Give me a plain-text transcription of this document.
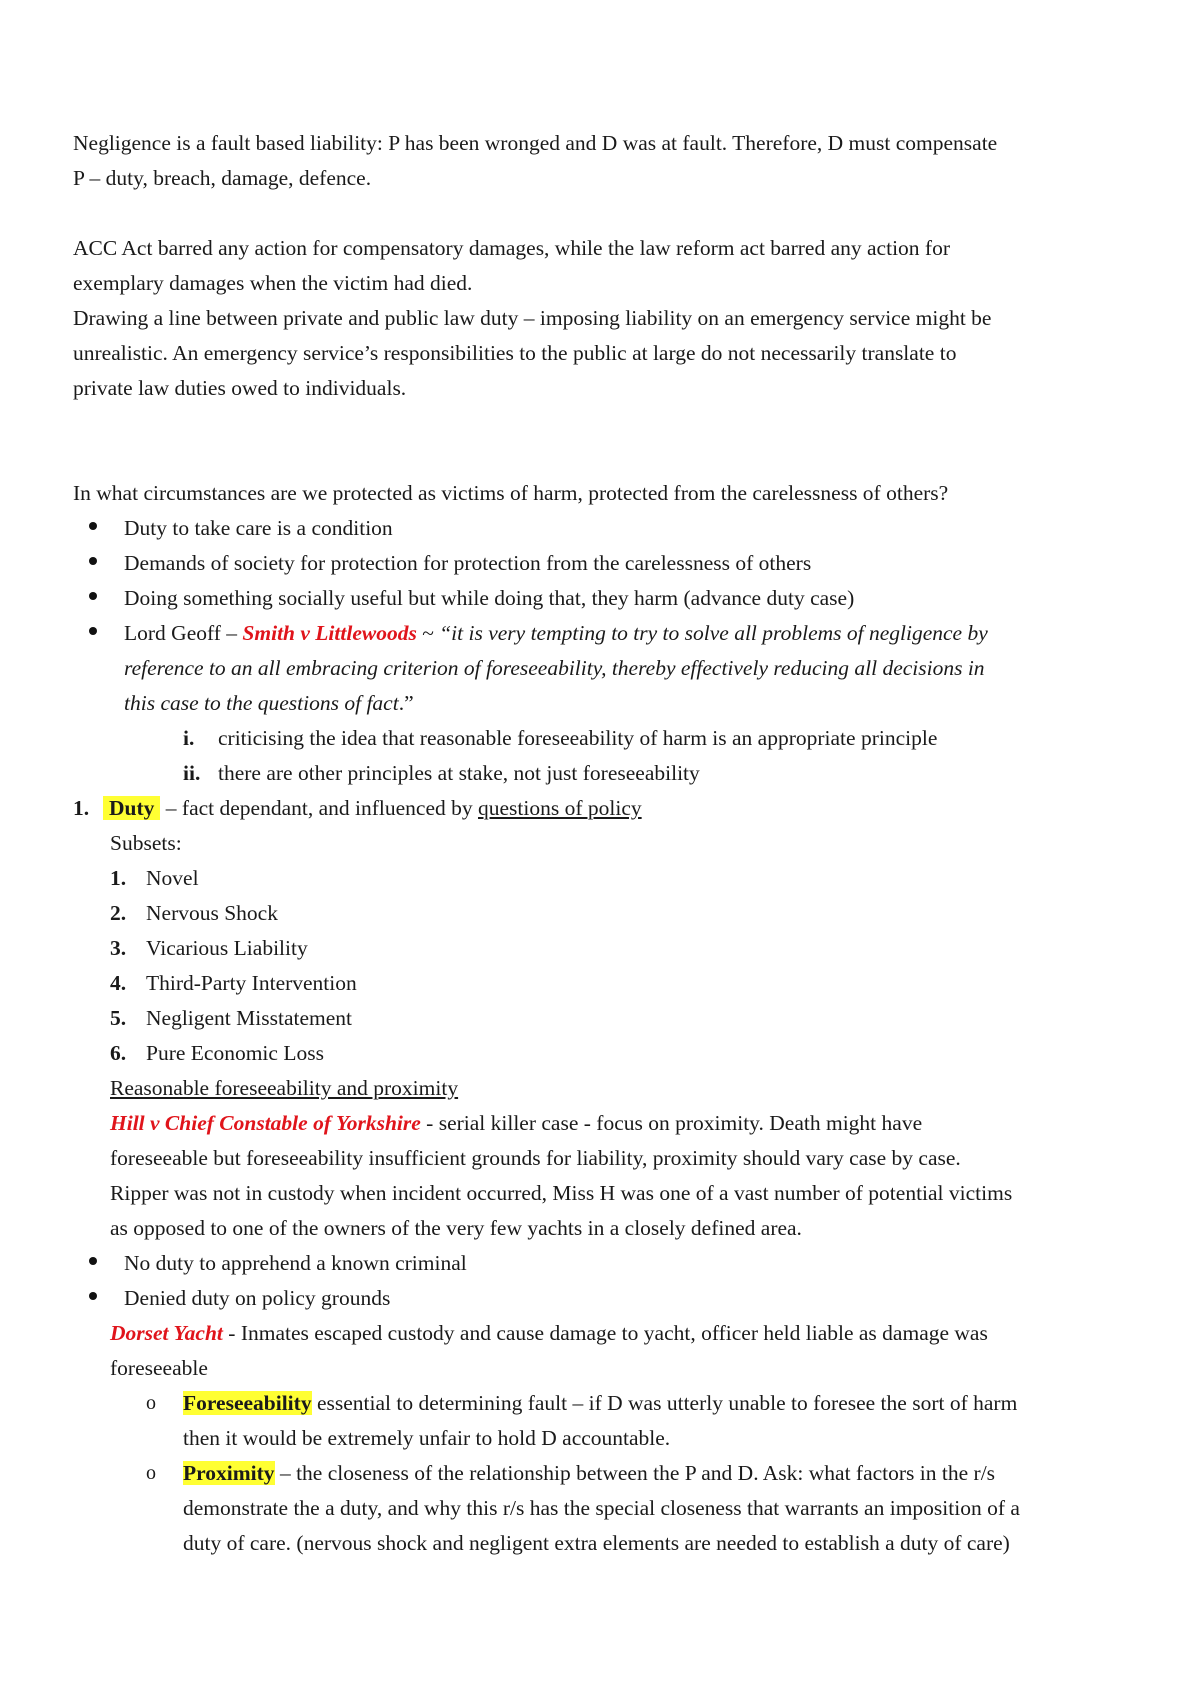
Negligence is a fault based liability: P has been wronged and D was at fault. Therefore, D must compensate
P – duty, breach, damage, defence.
ACC Act barred any action for compensatory damages, while the law reform act barred any action for
exemplary damages when the victim had died.
Drawing a line between private and public law duty – imposing liability on an emergency service might be
unrealistic. An emergency service’s responsibilities to the public at large do not necessarily translate to
private law duties owed to individuals.
In what circumstances are we protected as victims of harm, protected from the carelessness of others?
Duty to take care is a condition
Demands of society for protection for protection from the carelessness of others
Doing something socially useful but while doing that, they harm (advance duty case)
Lord Geoff – Smith v Littlewoods ~ “it is very tempting to try to solve all problems of negligence by
reference to an all embracing criterion of foreseeability, thereby effectively reducing all decisions in
this case to the questions of fact.”
i. criticising the idea that reasonable foreseeability of harm is an appropriate principle
ii. there are other principles at stake, not just foreseeability
1. Duty – fact dependant, and influenced by questions of policy
Subsets:
1. Novel
2. Nervous Shock
3. Vicarious Liability
4. Third-Party Intervention
5. Negligent Misstatement
6. Pure Economic Loss
Reasonable foreseeability and proximity
Hill v Chief Constable of Yorkshire - serial killer case - focus on proximity. Death might have
foreseeable but foreseeability insufficient grounds for liability, proximity should vary case by case.
Ripper was not in custody when incident occurred, Miss H was one of a vast number of potential victims
as opposed to one of the owners of the very few yachts in a closely defined area.
No duty to apprehend a known criminal
Denied duty on policy grounds
Dorset Yacht - Inmates escaped custody and cause damage to yacht, officer held liable as damage was
foreseeable
o Foreseeability essential to determining fault – if D was utterly unable to foresee the sort of harm
then it would be extremely unfair to hold D accountable.
o Proximity – the closeness of the relationship between the P and D. Ask: what factors in the r/s
demonstrate the a duty, and why this r/s has the special closeness that warrants an imposition of a
duty of care. (nervous shock and negligent extra elements are needed to establish a duty of care)
